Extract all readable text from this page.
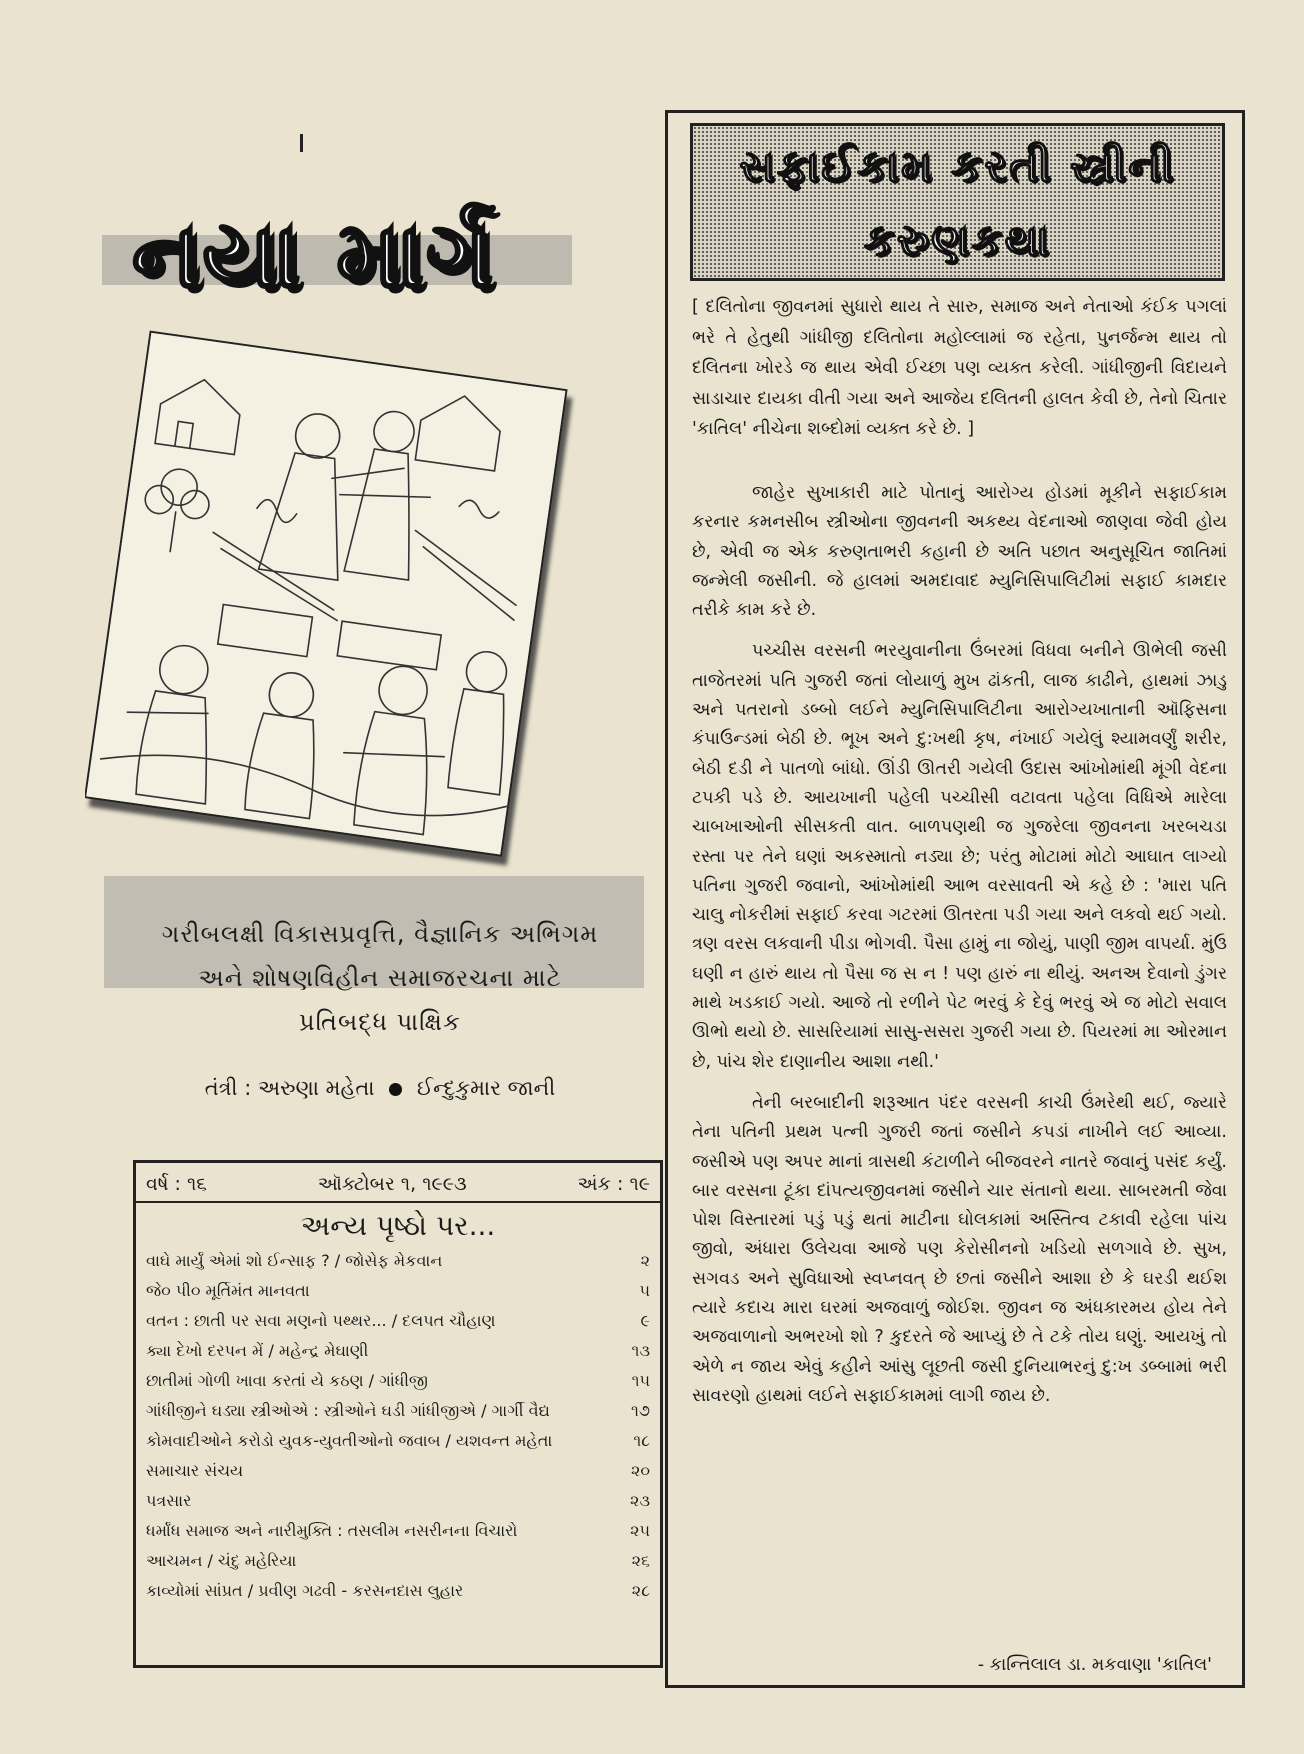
નયા માર્ગ
ગરીબલક્ષી વિકાસપ્રવૃત્તિ, વૈજ્ઞાનિક અભિગમ
અને શોષણવિહીન સમાજરચના માટે
પ્રતિબદ્ધ પાક્ષિક
તંત્રી : અરુણા મહેતા ઈન્દુકુમાર જાની
વર્ષ : ૧૬	ઑક્ટોબર ૧, ૧૯૯૩	અંક : ૧૯
અન્ય પૃષ્ઠો પર...
વાઘે માર્યું એમાં શો ઈન્સાફ ? / જોસેફ મેકવાન	૨
જે૦ પી૦ મૂર્તિમંત માનવતા	૫
વતન : છાતી પર સવા મણનો પથ્થર... / દલપત ચૌહાણ	૯
ક્યા દેખો દરપન મેં / મહેન્દ્ર મેઘાણી	૧૩
છાતીમાં ગોળી ખાવા કરતાં યે કઠણ / ગાંધીજી	૧૫
ગાંધીજીને ઘડ્યા સ્ત્રીઓએ : સ્ત્રીઓને ઘડી ગાંધીજીએ / ગાર્ગી વૈદ્ય	૧૭
કોમવાદીઓને કરોડો યુવક-યુવતીઓનો જવાબ / યશવન્ત મહેતા	૧૮
સમાચાર સંચય	૨૦
પત્રસાર	૨૩
ધર્માંધ સમાજ અને નારીમુક્તિ : તસલીમ નસરીનના વિચારો	૨૫
આચમન / ચંદુ મહેરિયા	૨૬
કાવ્યોમાં સાંપ્રત / પ્રવીણ ગઢવી - કરસનદાસ લુહાર	૨૮
સફાઈકામ કરતી સ્ત્રીની
કરુણકથા
[ દલિતોના જીવનમાં સુધારો થાય તે સારુ, સમાજ અને નેતાઓ કંઈક પગલાં ભરે તે હેતુથી ગાંધીજી દલિતોના મહોલ્લામાં જ રહેતા, પુનર્જન્મ થાય તો દલિતના ખોરડે જ થાય એવી ઈચ્છા પણ વ્યક્ત કરેલી. ગાંધીજીની વિદાયને સાડાચાર દાયકા વીતી ગયા અને આજેય દલિતની હાલત કેવી છે, તેનો ચિતાર 'કાતિલ' નીચેના શબ્દોમાં વ્યક્ત કરે છે. ]

જાહેર સુખાકારી માટે પોતાનું આરોગ્ય હોડમાં મૂકીને સફાઈકામ કરનાર કમનસીબ સ્ત્રીઓના જીવનની અકથ્ય વેદનાઓ જાણવા જેવી હોય છે, એવી જ એક કરુણતાભરી કહાની છે અતિ પછાત અનુસૂચિત જાતિમાં જન્મેલી જસીની. જે હાલમાં અમદાવાદ મ્યુનિસિપાલિટીમાં સફાઈ કામદાર તરીકે કામ કરે છે.

પચ્ચીસ વરસની ભરયુવાનીના ઉંબરમાં વિધવા બનીને ઊભેલી જસી તાજેતરમાં પતિ ગુજરી જતાં લોયાળું મુખ ઢાંકતી, લાજ કાઢીને, હાથમાં ઝાડુ અને પતરાનો ડબ્બો લઈને મ્યુનિસિપાલિટીના આરોગ્યખાતાની ઑફિસના કંપાઉન્ડમાં બેઠી છે. ભૂખ અને દુ:ખથી કૃષ, નંખાઈ ગયેલું શ્યામવર્ણું શરીર, બેઠી દડી ને પાતળો બાંધો. ઊંડી ઊતરી ગયેલી ઉદાસ આંખોમાંથી મૂંગી વેદના ટપકી પડે છે. આયખાની પહેલી પચ્ચીસી વટાવતા પહેલા વિધિએ મારેલા ચાબખાઓની સીસકતી વાત. બાળપણથી જ ગુજરેલા જીવનના ખરબચડા રસ્તા પર તેને ઘણાં અકસ્માતો નડ્યા છે; પરંતુ મોટામાં મોટો આઘાત લાગ્યો પતિના ગુજરી જવાનો, આંખોમાંથી આભ વરસાવતી એ કહે છે : 'મારા પતિ ચાલુ નોકરીમાં સફાઈ કરવા ગટરમાં ઊતરતા પડી ગયા અને લકવો થઈ ગયો. ત્રણ વરસ લકવાની પીડા ભોગવી. પૈસા હામું ના જોયું, પાણી જીમ વાપર્યા. મુંઉ ઘણી ન હારું થાય તો પૈસા જ સ ન ! પણ હારું ના થીયું. અનઅ દેવાનો ડુંગર માથે ખડકાઈ ગયો. આજે તો રળીને પેટ ભરવું કે દેવું ભરવું એ જ મોટો સવાલ ઊભો થયો છે. સાસરિયામાં સાસુ-સસરા ગુજરી ગયા છે. પિયરમાં મા ઓરમાન છે, પાંચ શેર દાણાનીય આશા નથી.'

તેની બરબાદીની શરૂઆત પંદર વરસની કાચી ઉંમરેથી થઈ, જ્યારે તેના પતિની પ્રથમ પત્ની ગુજરી જતાં જસીને કપડાં નાખીને લઈ આવ્યા. જસીએ પણ અપર માનાં ત્રાસથી કંટાળીને બીજવરને નાતરે જવાનું પસંદ કર્યું. બાર વરસના ટૂંકા દાંપત્યજીવનમાં જસીને ચાર સંતાનો થયા. સાબરમતી જેવા પોશ વિસ્તારમાં પડું પડું થતાં માટીના ઘોલકામાં અસ્તિત્વ ટકાવી રહેલા પાંચ જીવો, અંધારા ઉલેચવા આજે પણ કેરોસીનનો ખડિયો સળગાવે છે. સુખ, સગવડ અને સુવિધાઓ સ્વપ્નવત્ છે છતાં જસીને આશા છે કે ઘરડી થઈશ ત્યારે કદાચ મારા ઘરમાં અજવાળું જોઈશ. જીવન જ અંધકારમય હોય તેને અજવાળાનો અભરખો શો ? કુદરતે જે આપ્યું છે તે ટકે તોય ઘણું. આયખું તો એળે ન જાય એવું કહીને આંસુ લૂછતી જસી દુનિયાભરનું દુ:ખ ડબ્બામાં ભરી સાવરણો હાથમાં લઈને સફાઈકામમાં લાગી જાય છે.

- કાન્તિલાલ ડા. મકવાણા 'કાતિલ'
